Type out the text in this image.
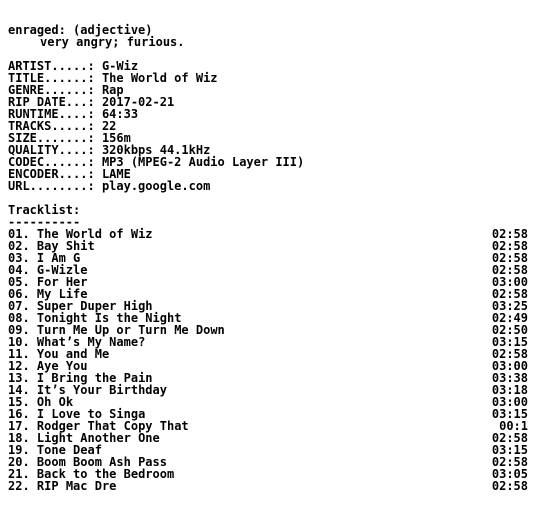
enraged: (adjective)
very angry; furious.
ARTIST.....: G-Wiz
TITLE......: The World of Wiz
GENRE......: Rap
RIP DATE...: 2017-02-21
RUNTIME....: 64:33
TRACKS.....: 22
SIZE.......: 156m
QUALITY....: 320kbps 44.1kHz
CODEC......: MP3 (MPEG-2 Audio Layer III)
ENCODER....: LAME
URL........: play.google.com
Tracklist:
----------
01. The World of Wiz	02:58
02. Bay Shit	02:58
03. I Am G	02:58
04. G-Wizle	02:58
05. For Her	03:00
06. My Life	02:58
07. Super Duper High	03:25
08. Tonight Is the Night	02:49
09. Turn Me Up or Turn Me Down	02:50
10. What’s My Name?	03:15
11. You and Me	02:58
12. Aye You	03:00
13. I Bring the Pain	03:38
14. It’s Your Birthday	03:18
15. Oh Ok	03:00
16. I Love to Singa	03:15
17. Rodger That Copy That	00:1
18. Light Another One	02:58
19. Tone Deaf	03:15
20. Boom Boom Ash Pass	02:58
21. Back to the Bedroom	03:05
22. RIP Mac Dre	02:58
